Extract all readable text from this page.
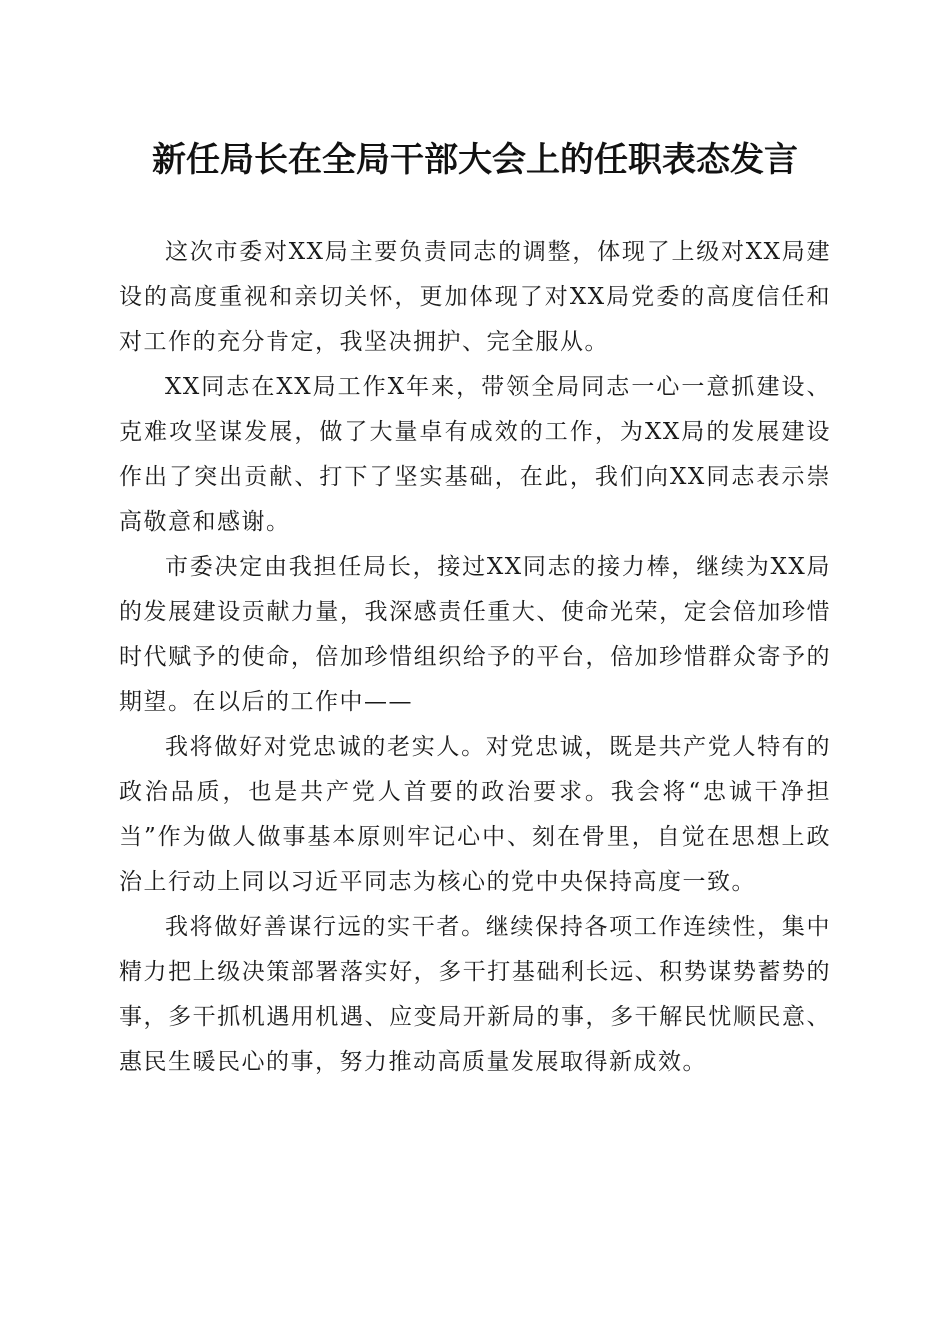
新任局长在全局干部大会上的任职表态发言

这次市委对XX局主要负责同志的调整，体现了上级对XX局建设的高度重视和亲切关怀，更加体现了对XX局党委的高度信任和对工作的充分肯定，我坚决拥护、完全服从。

XX同志在XX局工作X年来，带领全局同志一心一意抓建设、克难攻坚谋发展，做了大量卓有成效的工作，为XX局的发展建设作出了突出贡献、打下了坚实基础，在此，我们向XX同志表示崇高敬意和感谢。

市委决定由我担任局长，接过XX同志的接力棒，继续为XX局的发展建设贡献力量，我深感责任重大、使命光荣，定会倍加珍惜时代赋予的使命，倍加珍惜组织给予的平台，倍加珍惜群众寄予的期望。在以后的工作中——

我将做好对党忠诚的老实人。对党忠诚，既是共产党人特有的政治品质，也是共产党人首要的政治要求。我会将“忠诚干净担当”作为做人做事基本原则牢记心中、刻在骨里，自觉在思想上政治上行动上同以习近平同志为核心的党中央保持高度一致。

我将做好善谋行远的实干者。继续保持各项工作连续性，集中精力把上级决策部署落实好，多干打基础利长远、积势谋势蓄势的事，多干抓机遇用机遇、应变局开新局的事，多干解民忧顺民意、惠民生暖民心的事，努力推动高质量发展取得新成效。
